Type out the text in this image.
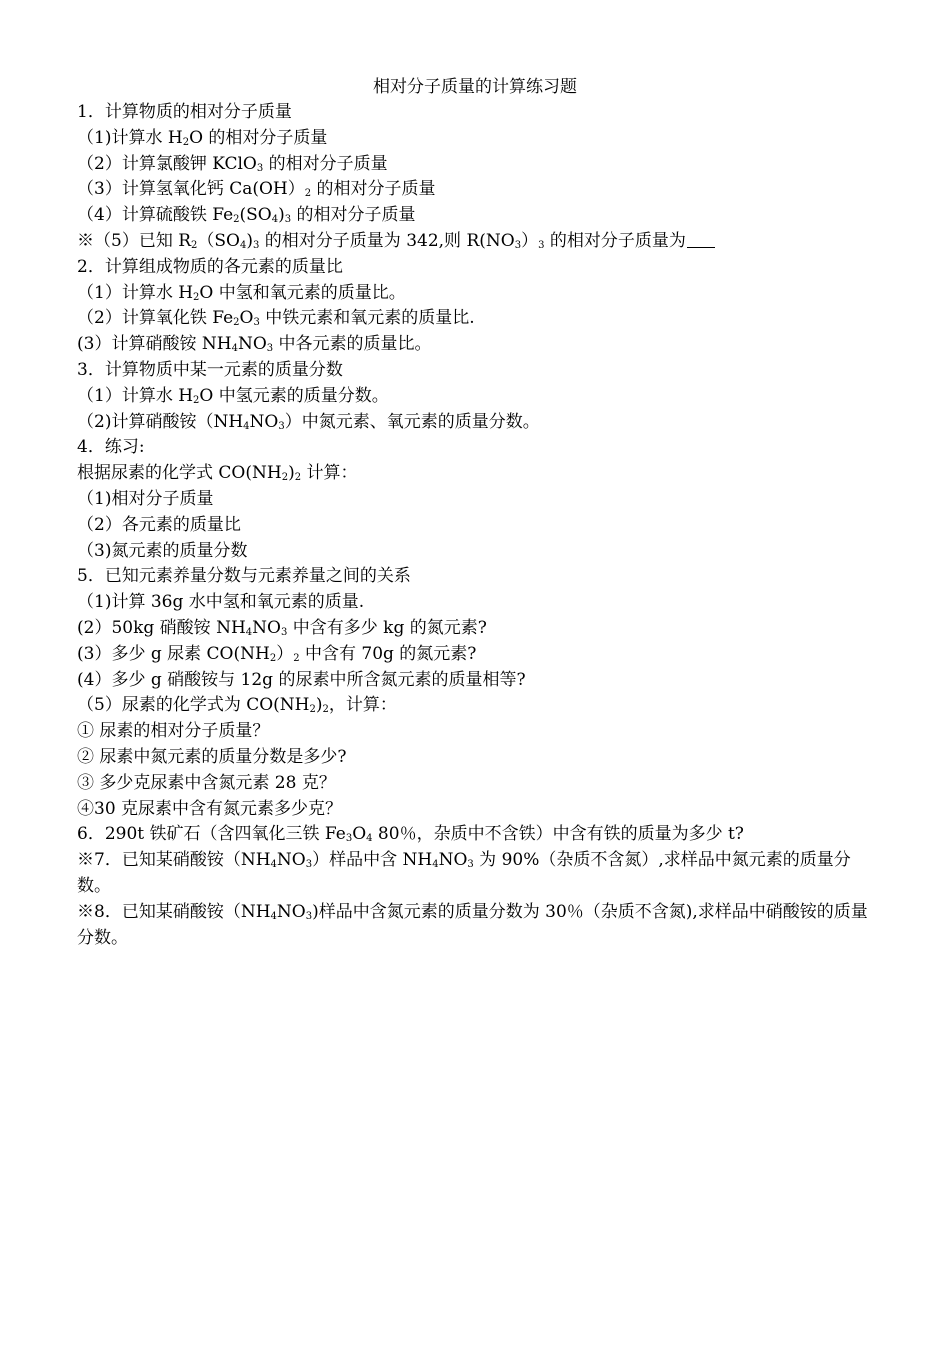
相对分子质量的计算练习题
1．计算物质的相对分子质量
（1)计算水 $H_2O$ 的相对分子质量
（2）计算氯酸钾 KClO$_3$ 的相对分子质量
（3）计算氢氧化钙 $Ca(OH)_2$ 的相对分子质量
（4）计算硫酸铁 $Fe_2(SO_4)_3$ 的相对分子质量
※（5）已知 $R_2(SO_4)_3$ 的相对分子质量为 342,则 $R(NO_3)_3$ 的相对分子质量为
2．计算组成物质的各元素的质量比
（1）计算水 $H_2O$ 中氢和氧元素的质量比。
（2）计算氧化铁 $Fe_2O_3$ 中铁元素和氧元素的质量比.
(3）计算硝酸铵 $NH_4NO_3$ 中各元素的质量比。
3．计算物质中某一元素的质量分数
（1）计算水 $H_2O$ 中氢元素的质量分数。
（2)计算硝酸铵$(NH_4NO_3)$中氮元素、氧元素的质量分数。
4．练习:
根据尿素的化学式 $CO(NH_2)_2$ 计算：
（1)相对分子质量
（2）各元素的质量比
（3)氮元素的质量分数
5．已知元素养量分数与元素养量之间的关系
（1)计算 36g 水中氢和氧元素的质量.
(2）50kg 硝酸铵 $NH_4NO_3$ 中含有多少 kg 的氮元素?
(3）多少 g 尿素 $CO(NH_2)_2$ 中含有 70g 的氮元素?
(4）多少 g 硝酸铵与 12g 的尿素中所含氮元素的质量相等?
（5）尿素的化学式为 $CO(NH_2)_2$，计算：
① 尿素的相对分子质量？
② 尿素中氮元素的质量分数是多少?
③ 多少克尿素中含氮元素 28 克？
④30 克尿素中含有氮元素多少克？
6．290t 铁矿石（含四氧化三铁 $Fe_3O_4$ 80％，杂质中不含铁）中含有铁的质量为多少 t?
※7．已知某硝酸铵$(NH_4NO_3)$样品中含 $NH_4NO_3$ 为 90%（杂质不含氮）,求样品中氮元素的质量分数。
※8．已知某硝酸铵$(NH_4NO_3)$样品中含氮元素的质量分数为 30％（杂质不含氮),求样品中硝酸铵的质量分数。
